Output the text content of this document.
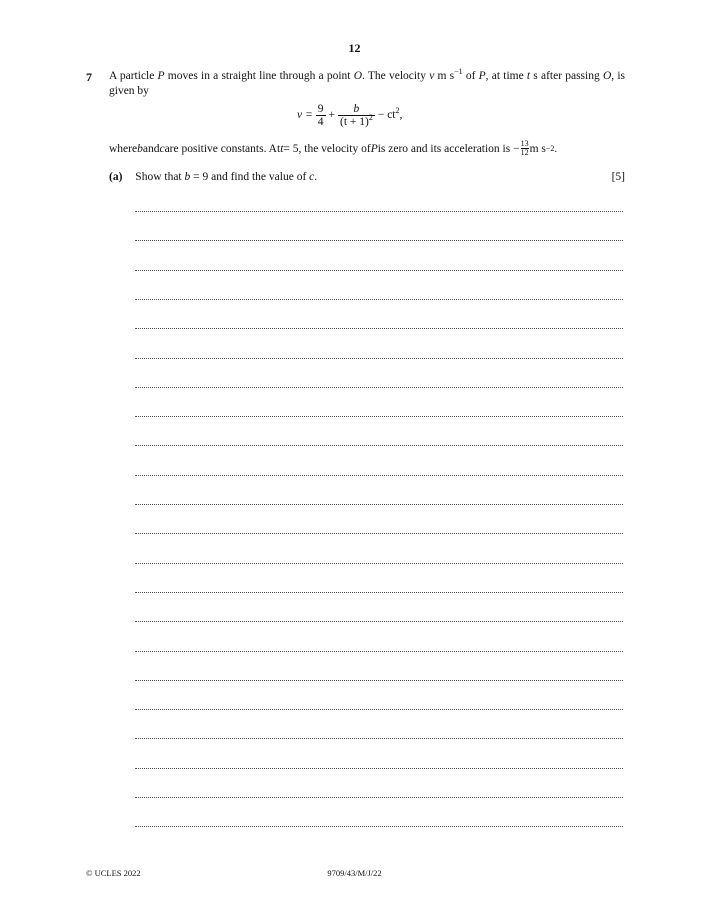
12
7 A particle P moves in a straight line through a point O. The velocity v m $s^{-1}$ of P, at time t s after passing O, is given by
$v = \frac{9}{4} + \frac{b}{(t + 1)^2} - ct^2$,
where b and c are positive constants. At t = 5, the velocity of P is zero and its acceleration is − $\frac{13}{12}$ m s −2 .
(a) Show that b = 9 and find the value of c.	[5]
© UCLES 2022	9709/43/M/J/22
